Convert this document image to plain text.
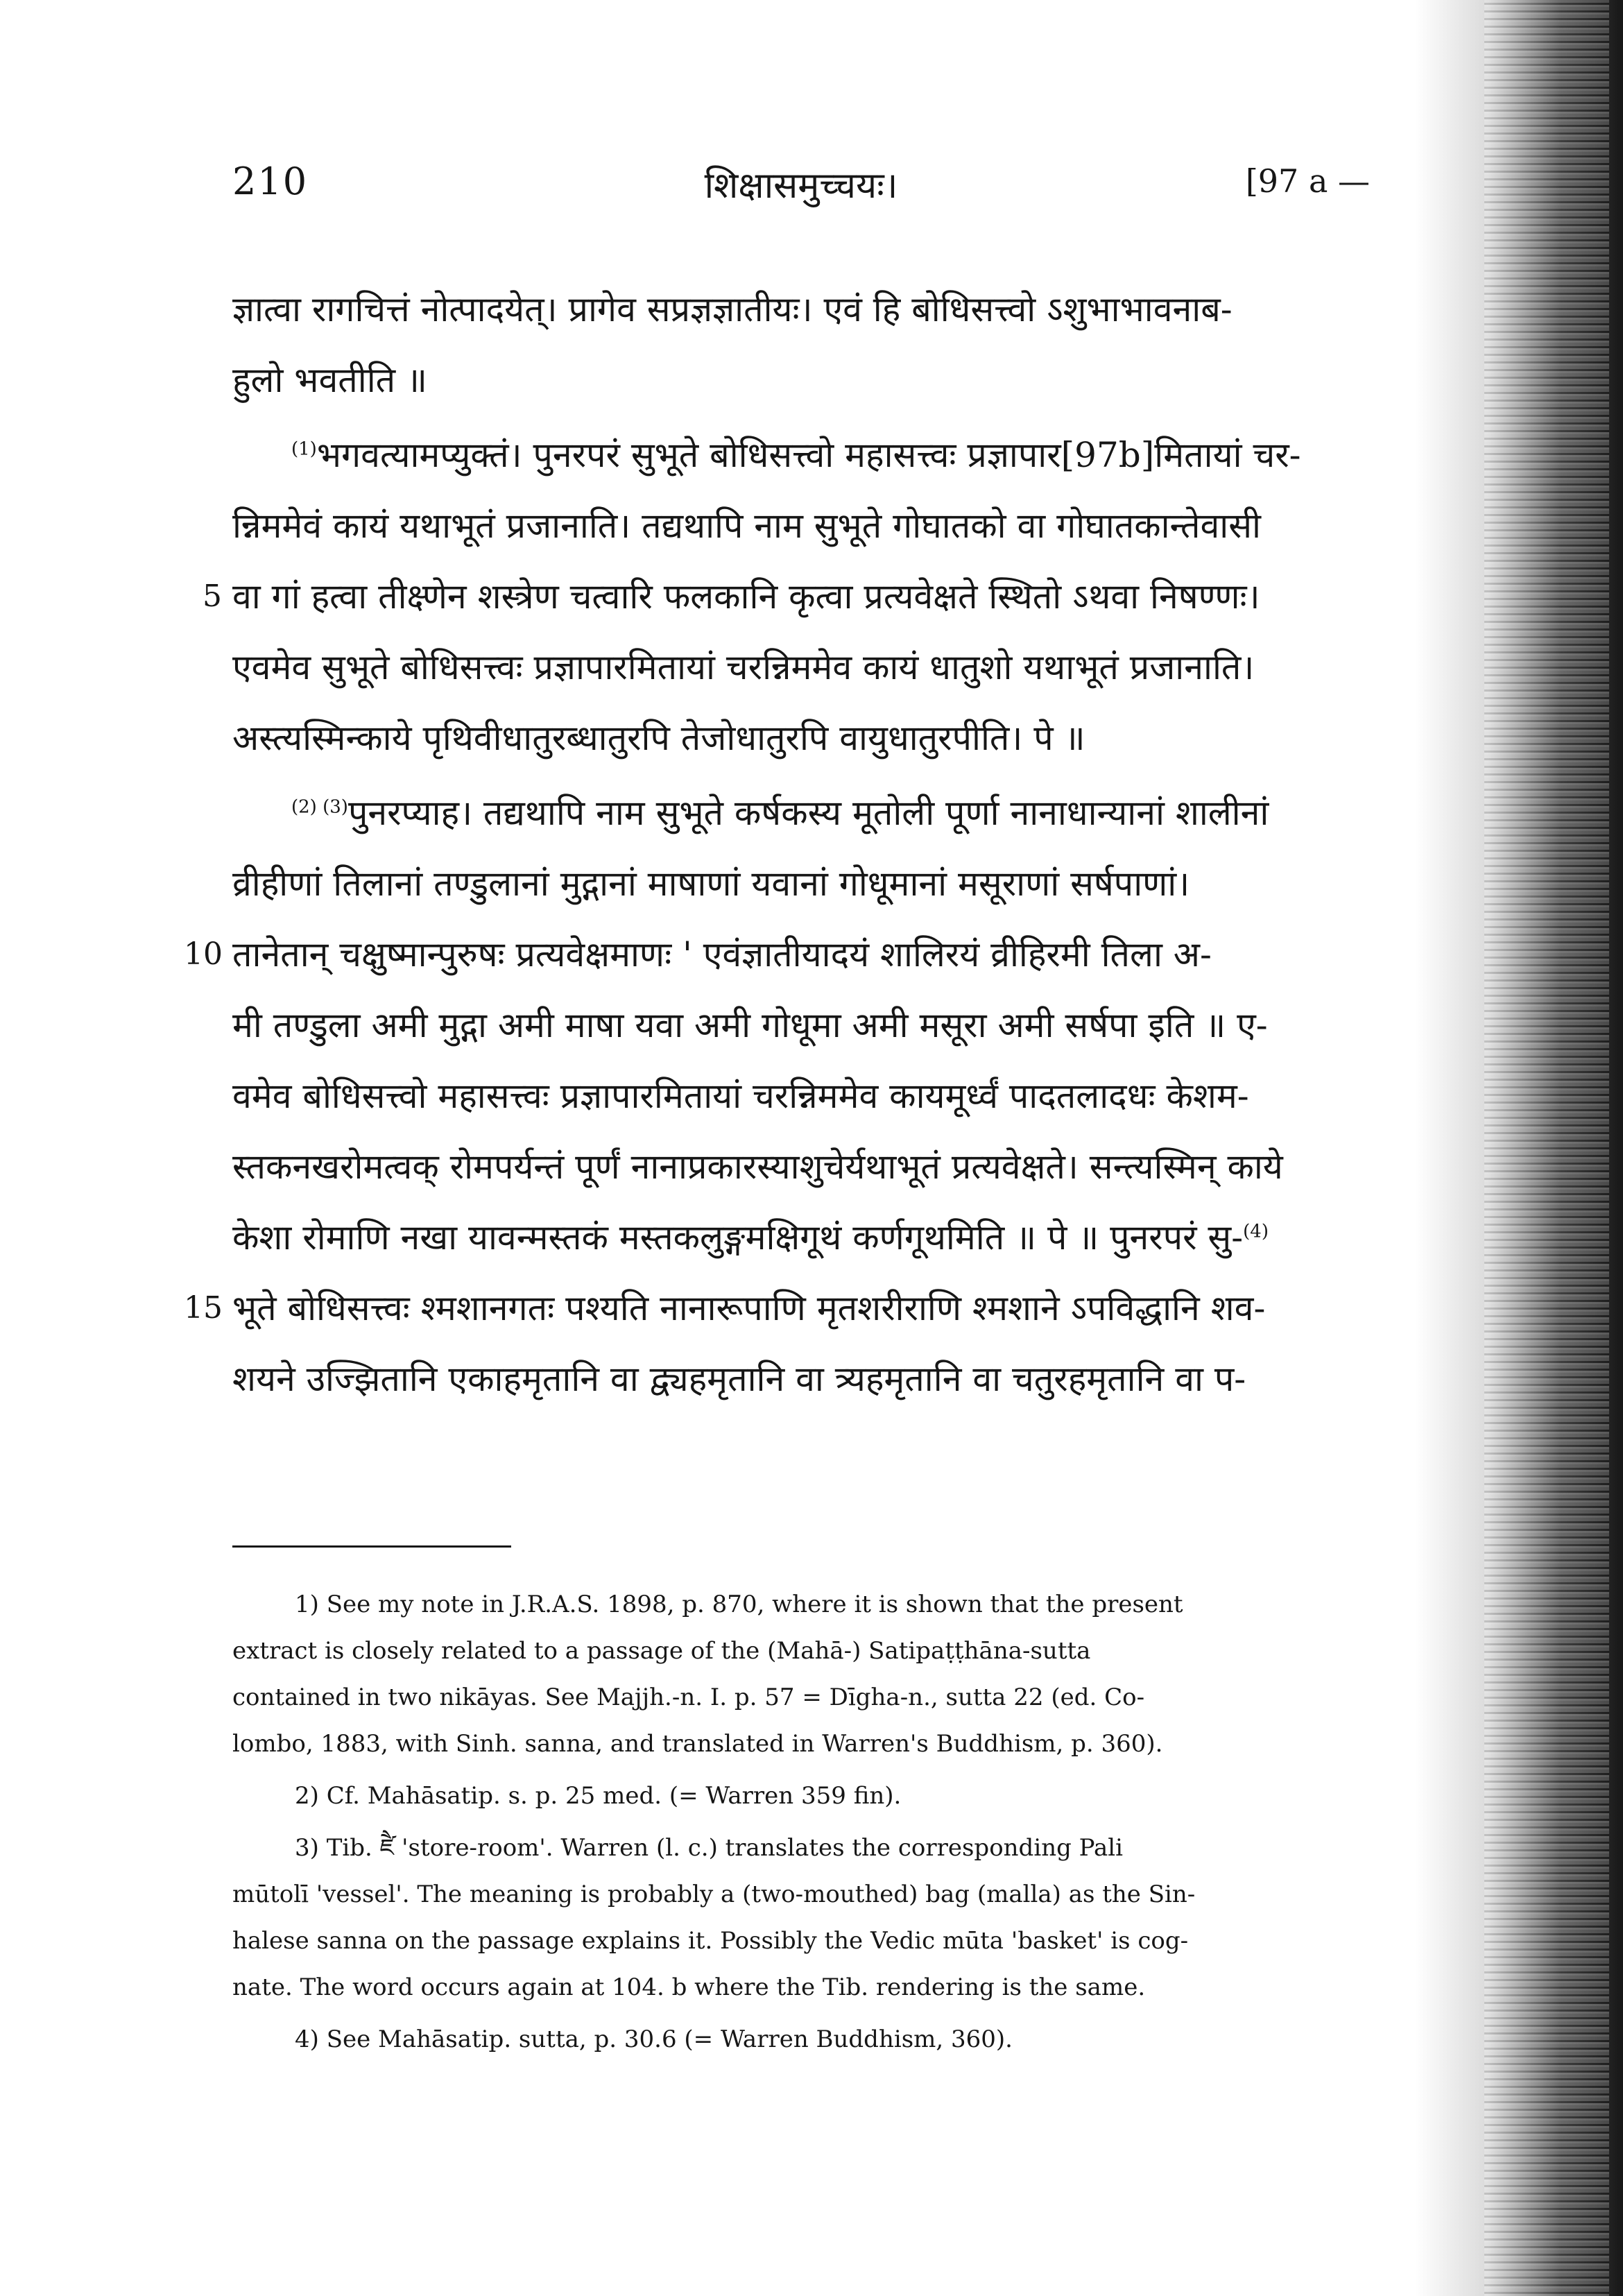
210	शिक्षासमुच्चयः।	[97 a —
ज्ञात्वा रागचित्तं नोत्पादयेत्। प्रागेव सप्रज्ञज्ञातीयः। एवं हि बोधिसत्त्वो ऽशुभाभावनाब-
हुलो भवतीति ॥
$^{(1)}$भगवत्यामप्युक्तं। पुनरपरं सुभूते बोधिसत्त्वो महासत्त्वः प्रज्ञापार[97b]मितायां चर-
न्निममेवं कायं यथाभूतं प्रजानाति। तद्यथापि नाम सुभूते गोघातको वा गोघातकान्तेवासी
5 वा गां हत्वा तीक्ष्णेन शस्त्रेण चत्वारि फलकानि कृत्वा प्रत्यवेक्षते स्थितो ऽथवा निषण्णः।
एवमेव सुभूते बोधिसत्त्वः प्रज्ञापारमितायां चरन्निममेव कायं धातुशो यथाभूतं प्रजानाति।
अस्त्यस्मिन्काये पृथिवीधातुरब्धातुरपि तेजोधातुरपि वायुधातुरपीति। पे ॥
$^{(2) (3)}$पुनरप्याह। तद्यथापि नाम सुभूते कर्षकस्य मूतोली पूर्णा नानाधान्यानां शालीनां
व्रीहीणां तिलानां तण्डुलानां मुद्गानां माषाणां यवानां गोधूमानां मसूराणां सर्षपाणां।
10 तानेतान् चक्षुष्मान्पुरुषः प्रत्यवेक्षमाणः ' एवंज्ञातीयादयं शालिरयं व्रीहिरमी तिला अ-
मी तण्डुला अमी मुद्गा अमी माषा यवा अमी गोधूमा अमी मसूरा अमी सर्षपा इति ॥ ए-
वमेव बोधिसत्त्वो महासत्त्वः प्रज्ञापारमितायां चरन्निममेव कायमूर्ध्वं पादतलादधः केशम-
स्तकनखरोमत्वक् रोमपर्यन्तं पूर्णं नानाप्रकारस्याशुचेर्यथाभूतं प्रत्यवेक्षते। सन्त्यस्मिन् काये
केशा रोमाणि नखा यावन्मस्तकं मस्तकलुङ्गमक्षिगूथं कर्णगूथमिति ॥ पे ॥ पुनरपरं सु-$^{(4)}$
15 भूते बोधिसत्त्वः श्मशानगतः पश्यति नानारूपाणि मृतशरीराणि श्मशाने ऽपविद्धानि शव-
शयने उज्झितानि एकाहमृतानि वा द्व्यहमृतानि वा त्र्यहमृतानि वा चतुरहमृतानि वा प-
1) See my note in J.R.A.S. 1898, p. 870, where it is shown that the present
extract is closely related to a passage of the (Mahā-) Satipaṭṭhāna-sutta
contained in two nikāyas. See Majjh.-n. I. p. 57 = Dīgha-n., sutta 22 (ed. Co-
lombo, 1883, with Sinh. sanna, and translated in Warren's Buddhism, p. 360).
2) Cf. Mahāsatip. s. p. 25 med. (= Warren 359 fin).
3) Tib. ཛཻ 'store-room'. Warren (l. c.) translates the corresponding Pali
mūtolī 'vessel'. The meaning is probably a (two-mouthed) bag (malla) as the Sin-
halese sanna on the passage explains it. Possibly the Vedic mūta 'basket' is cog-
nate. The word occurs again at 104. b where the Tib. rendering is the same.
4) See Mahāsatip. sutta, p. 30.6 (= Warren Buddhism, 360).
